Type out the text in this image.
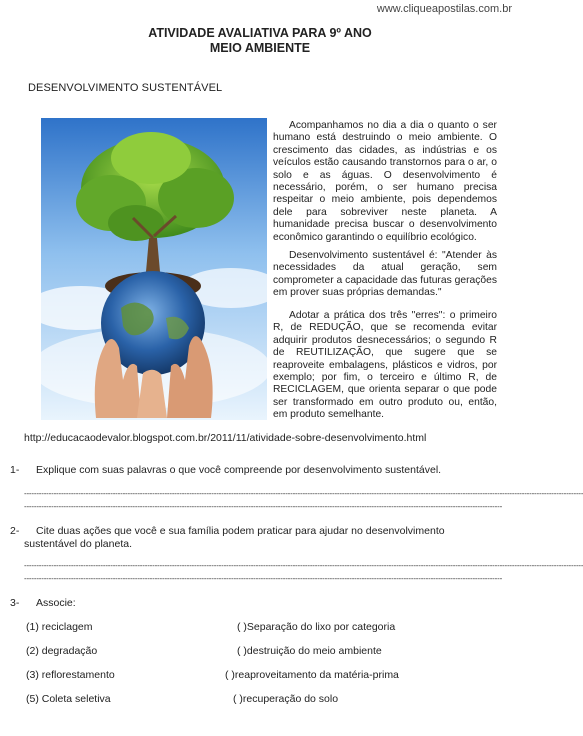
www.cliqueapostilas.com.br
ATIVIDADE AVALIATIVA PARA 9º ANO
MEIO AMBIENTE
DESENVOLVIMENTO SUSTENTÁVEL
Acompanhamos no dia a dia o quanto o ser humano está destruindo o meio ambiente. O crescimento das cidades, as indústrias e os veículos estão causando transtornos para o ar, o solo e as águas. O desenvolvimento é necessário, porém, o ser humano precisa respeitar o meio ambiente, pois dependemos dele para sobreviver neste planeta. A humanidade precisa buscar o desenvolvimento econômico garantindo o equilíbrio ecológico.
Desenvolvimento sustentável é: "Atender às necessidades da atual geração, sem comprometer a capacidade das futuras gerações em prover suas próprias demandas."
Adotar a prática dos três "erres": o primeiro R, de REDUÇÃO, que se recomenda evitar adquirir produtos desnecessários; o segundo R de REUTILIZAÇÃO, que sugere que se reaproveite embalagens, plásticos e vidros, por exemplo; por fim, o terceiro e último R, de RECICLAGEM, que orienta separar o que pode ser transformado em outro produto ou, então, em produto semelhante.
http://educacaodevalor.blogspot.com.br/2011/11/atividade-sobre-desenvolvimento.html
1- Explique com suas palavras o que você compreende por desenvolvimento sustentável.
-----------------------------------------------------------------------------------------------------------------------------------------------------------------------------------------------------------------------------------
--------------------------------------------------------------------------------------------------------------------------------------------------------------------------------------------------
2- Cite duas ações que você e sua família podem praticar para ajudar no desenvolvimento
sustentável do planeta.
-----------------------------------------------------------------------------------------------------------------------------------------------------------------------------------------------------------------------------------
--------------------------------------------------------------------------------------------------------------------------------------------------------------------------------------------------
3- Associe:
(1) reciclagem	( )Separação do lixo por categoria
(2) degradação	( )destruição do meio ambiente
(3) reflorestamento	( )reaproveitamento da matéria-prima
(5) Coleta seletiva	( )recuperação do solo
